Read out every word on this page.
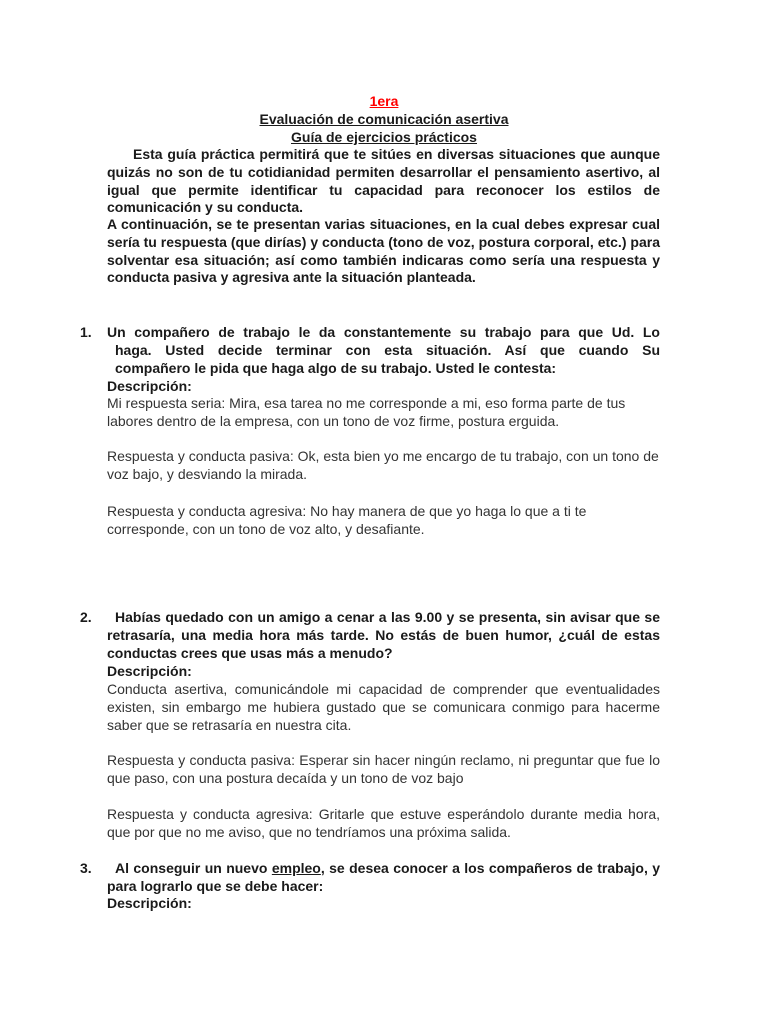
1era
Evaluación de comunicación asertiva
Guía de ejercicios prácticos

Esta guía práctica permitirá que te sitúes en diversas situaciones que aunque quizás no son de tu cotidianidad permiten desarrollar el pensamiento asertivo, al igual que permite identificar tu capacidad para reconocer los estilos de comunicación y su conducta.

A continuación, se te presentan varias situaciones, en la cual debes expresar cual sería tu respuesta (que dirías) y conducta (tono de voz, postura corporal, etc.) para solventar esa situación; así como también indicaras como sería una respuesta y conducta pasiva y agresiva ante la situación planteada.

1. Un compañero de trabajo le da constantemente su trabajo para que Ud. Lo
haga. Usted decide terminar con esta situación. Así que cuando Su
compañero le pida que haga algo de su trabajo. Usted le contesta:
Descripción:

Mi respuesta seria: Mira, esa tarea no me corresponde a mi, eso forma parte de tus labores dentro de la empresa, con un tono de voz firme, postura erguida.

Respuesta y conducta pasiva: Ok, esta bien yo me encargo de tu trabajo, con un tono de voz bajo, y desviando la mirada.

Respuesta y conducta agresiva: No hay manera de que yo haga lo que a ti te corresponde, con un tono de voz alto, y desafiante.

2.	Habías quedado con un amigo a cenar a las 9.00 y se presenta, sin avisar que se retrasaría, una media hora más tarde. No estás de buen humor, ¿cuál de estas conductas crees que usas más a menudo?

Descripción:

Conducta asertiva, comunicándole mi capacidad de comprender que eventualidades existen, sin embargo me hubiera gustado que se comunicara conmigo para hacerme saber que se retrasaría en nuestra cita.

Respuesta y conducta pasiva: Esperar sin hacer ningún reclamo, ni preguntar que fue lo que paso, con una postura decaída y un tono de voz bajo

Respuesta y conducta agresiva: Gritarle que estuve esperándolo durante media hora, que por que no me aviso, que no tendríamos una próxima salida.

3.	Al conseguir un nuevo empleo, se desea conocer a los compañeros de trabajo, y para lograrlo que se debe hacer:

Descripción:
